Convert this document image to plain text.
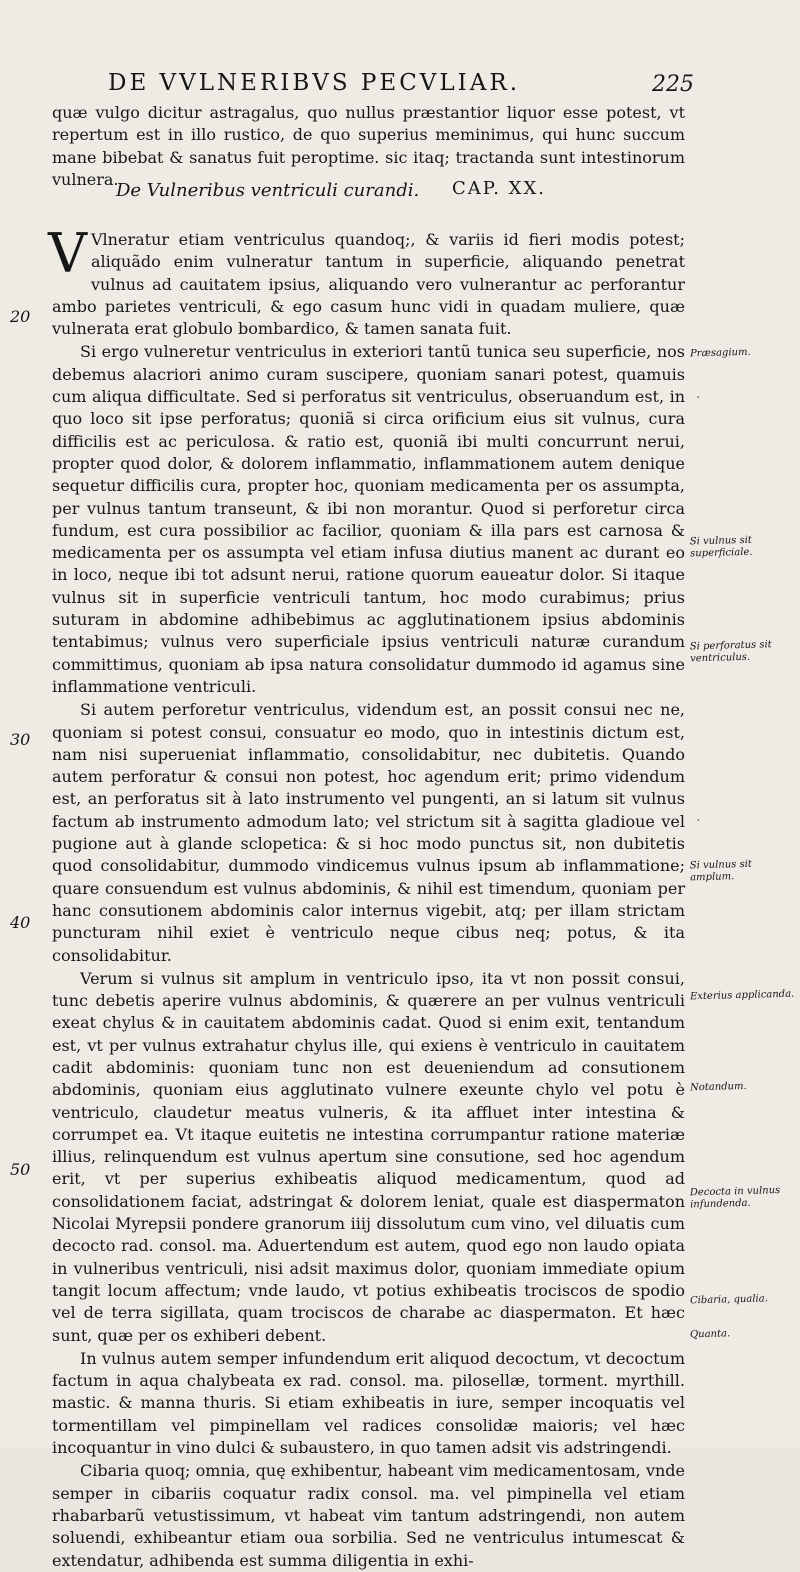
DE VVLNERIBVS PECVLIAR.	225

quæ vulgo dicitur astragalus, quo nullus præstantior liquor esse potest, vt repertum est in illo rustico, de quo superius meminimus, qui hunc succum mane bibebat & sanatus fuit peroptime. sic itaq; tractanda sunt intestinorum vulnera.

De Vulneribus ventriculi curandi. CAP. XX.

VVlneratur etiam ventriculus quandoq;, & variis id fieri modis potest; aliquãdo enim vulneratur tantum in superficie, aliquando penetrat vulnus ad cauitatem ipsius, aliquando vero vulnerantur ac perforantur ambo parietes ventriculi, & ego casum hunc vidi in quadam muliere, quæ vulnerata erat globulo bombardico, & tamen sanata fuit.

Si ergo vulneretur ventriculus in exteriori tantũ tunica seu superficie, nos debemus alacriori animo curam suscipere, quoniam sanari potest, quamuis cum aliqua difficultate. Sed si perforatus sit ventriculus, obseruandum est, in quo loco sit ipse perforatus; quoniã si circa orificium eius sit vulnus, cura difficilis est ac periculosa. & ratio est, quoniã ibi multi concurrunt nerui, propter quod dolor, & dolorem inflammatio, inflammationem autem denique sequetur difficilis cura, propter hoc, quoniam medicamenta per os assumpta, per vulnus tantum transeunt, & ibi non morantur. Quod si perforetur circa fundum, est cura possibilior ac facilior, quoniam & illa pars est carnosa & medicamenta per os assumpta vel etiam infusa diutius manent ac durant eo in loco, neque ibi tot adsunt nerui, ratione quorum eaueatur dolor. Si itaque vulnus sit in superficie ventriculi tantum, hoc modo curabimus; prius suturam in abdomine adhibebimus ac agglutinationem ipsius abdominis tentabimus; vulnus vero superficiale ipsius ventriculi naturæ curandum committimus, quoniam ab ipsa natura consolidatur dummodo id agamus sine inflammatione ventriculi.

Si autem perforetur ventriculus, videndum est, an possit consui nec ne, quoniam si potest consui, consuatur eo modo, quo in intestinis dictum est, nam nisi superueniat inflammatio, consolidabitur, nec dubitetis. Quando autem perforatur & consui non potest, hoc agendum erit; primo videndum est, an perforatus sit à lato instrumento vel pungenti, an si latum sit vulnus factum ab instrumento admodum lato; vel strictum sit à sagitta gladioue vel pugione aut à glande sclopetica: & si hoc modo punctus sit, non dubitetis quod consolidabitur, dummodo vindicemus vulnus ipsum ab inflammatione; quare consuendum est vulnus abdominis, & nihil est timendum, quoniam per hanc consutionem abdominis calor internus vigebit, atq; per illam strictam puncturam nihil exiet è ventriculo neque cibus neq; potus, & ita consolidabitur.

Verum si vulnus sit amplum in ventriculo ipso, ita vt non possit consui, tunc debetis aperire vulnus abdominis, & quærere an per vulnus ventriculi exeat chylus & in cauitatem abdominis cadat. Quod si enim exit, tentandum est, vt per vulnus extrahatur chylus ille, qui exiens è ventriculo in cauitatem cadit abdominis: quoniam tunc non est deueniendum ad consutionem abdominis, quoniam eius agglutinato vulnere exeunte chylo vel potu è ventriculo, claudetur meatus vulneris, & ita affluet inter intestina & corrumpet ea. Vt itaque euitetis ne intestina corrumpantur ratione materiæ illius, relinquendum est vulnus apertum sine consutione, sed hoc agendum erit, vt per superius exhibeatis aliquod medicamentum, quod ad consolidationem faciat, adstringat & dolorem leniat, quale est diaspermaton Nicolai Myrepsii pondere granorum iiij dissolutum cum vino, vel diluatis cum decocto rad. consol. ma. Aduertendum est autem, quod ego non laudo opiata in vulneribus ventriculi, nisi adsit maximus dolor, quoniam immediate opium tangit locum affectum; vnde laudo, vt potius exhibeatis trociscos de spodio vel de terra sigillata, quam trociscos de charabe ac diaspermaton. Et hæc sunt, quæ per os exhiberi debent.

In vulnus autem semper infundendum erit aliquod decoctum, vt decoctum factum in aqua chalybeata ex rad. consol. ma. pilosellæ, torment. myrthill. mastic. & manna thuris. Si etiam exhibeatis in iure, semper incoquatis vel tormentillam vel pimpinellam vel radices consolidæ maioris; vel hæc incoquantur in vino dulci & subaustero, in quo tamen adsit vis adstringendi.

Cibaria quoq; omnia, quę exhibentur, habeant vim medicamentosam, vnde semper in cibariis coquatur radix consol. ma. vel pimpinella vel etiam rhabarbarũ vetustissimum, vt habeat vim tantum adstringendi, non autem soluendi, exhibeantur etiam oua sorbilia. Sed ne ventriculus intumescat & extendatur, adhibenda est summa diligentia in exhi-

20
30
40
50
Præsagium.
Si vulnus sit superficiale.
Si perforatus sit ventriculus.
Si vulnus sit amplum.
Exterius applicanda.
Notandum.
Decocta in vulnus infundenda.
Cibaria, qualia.
Quanta.
·
·
